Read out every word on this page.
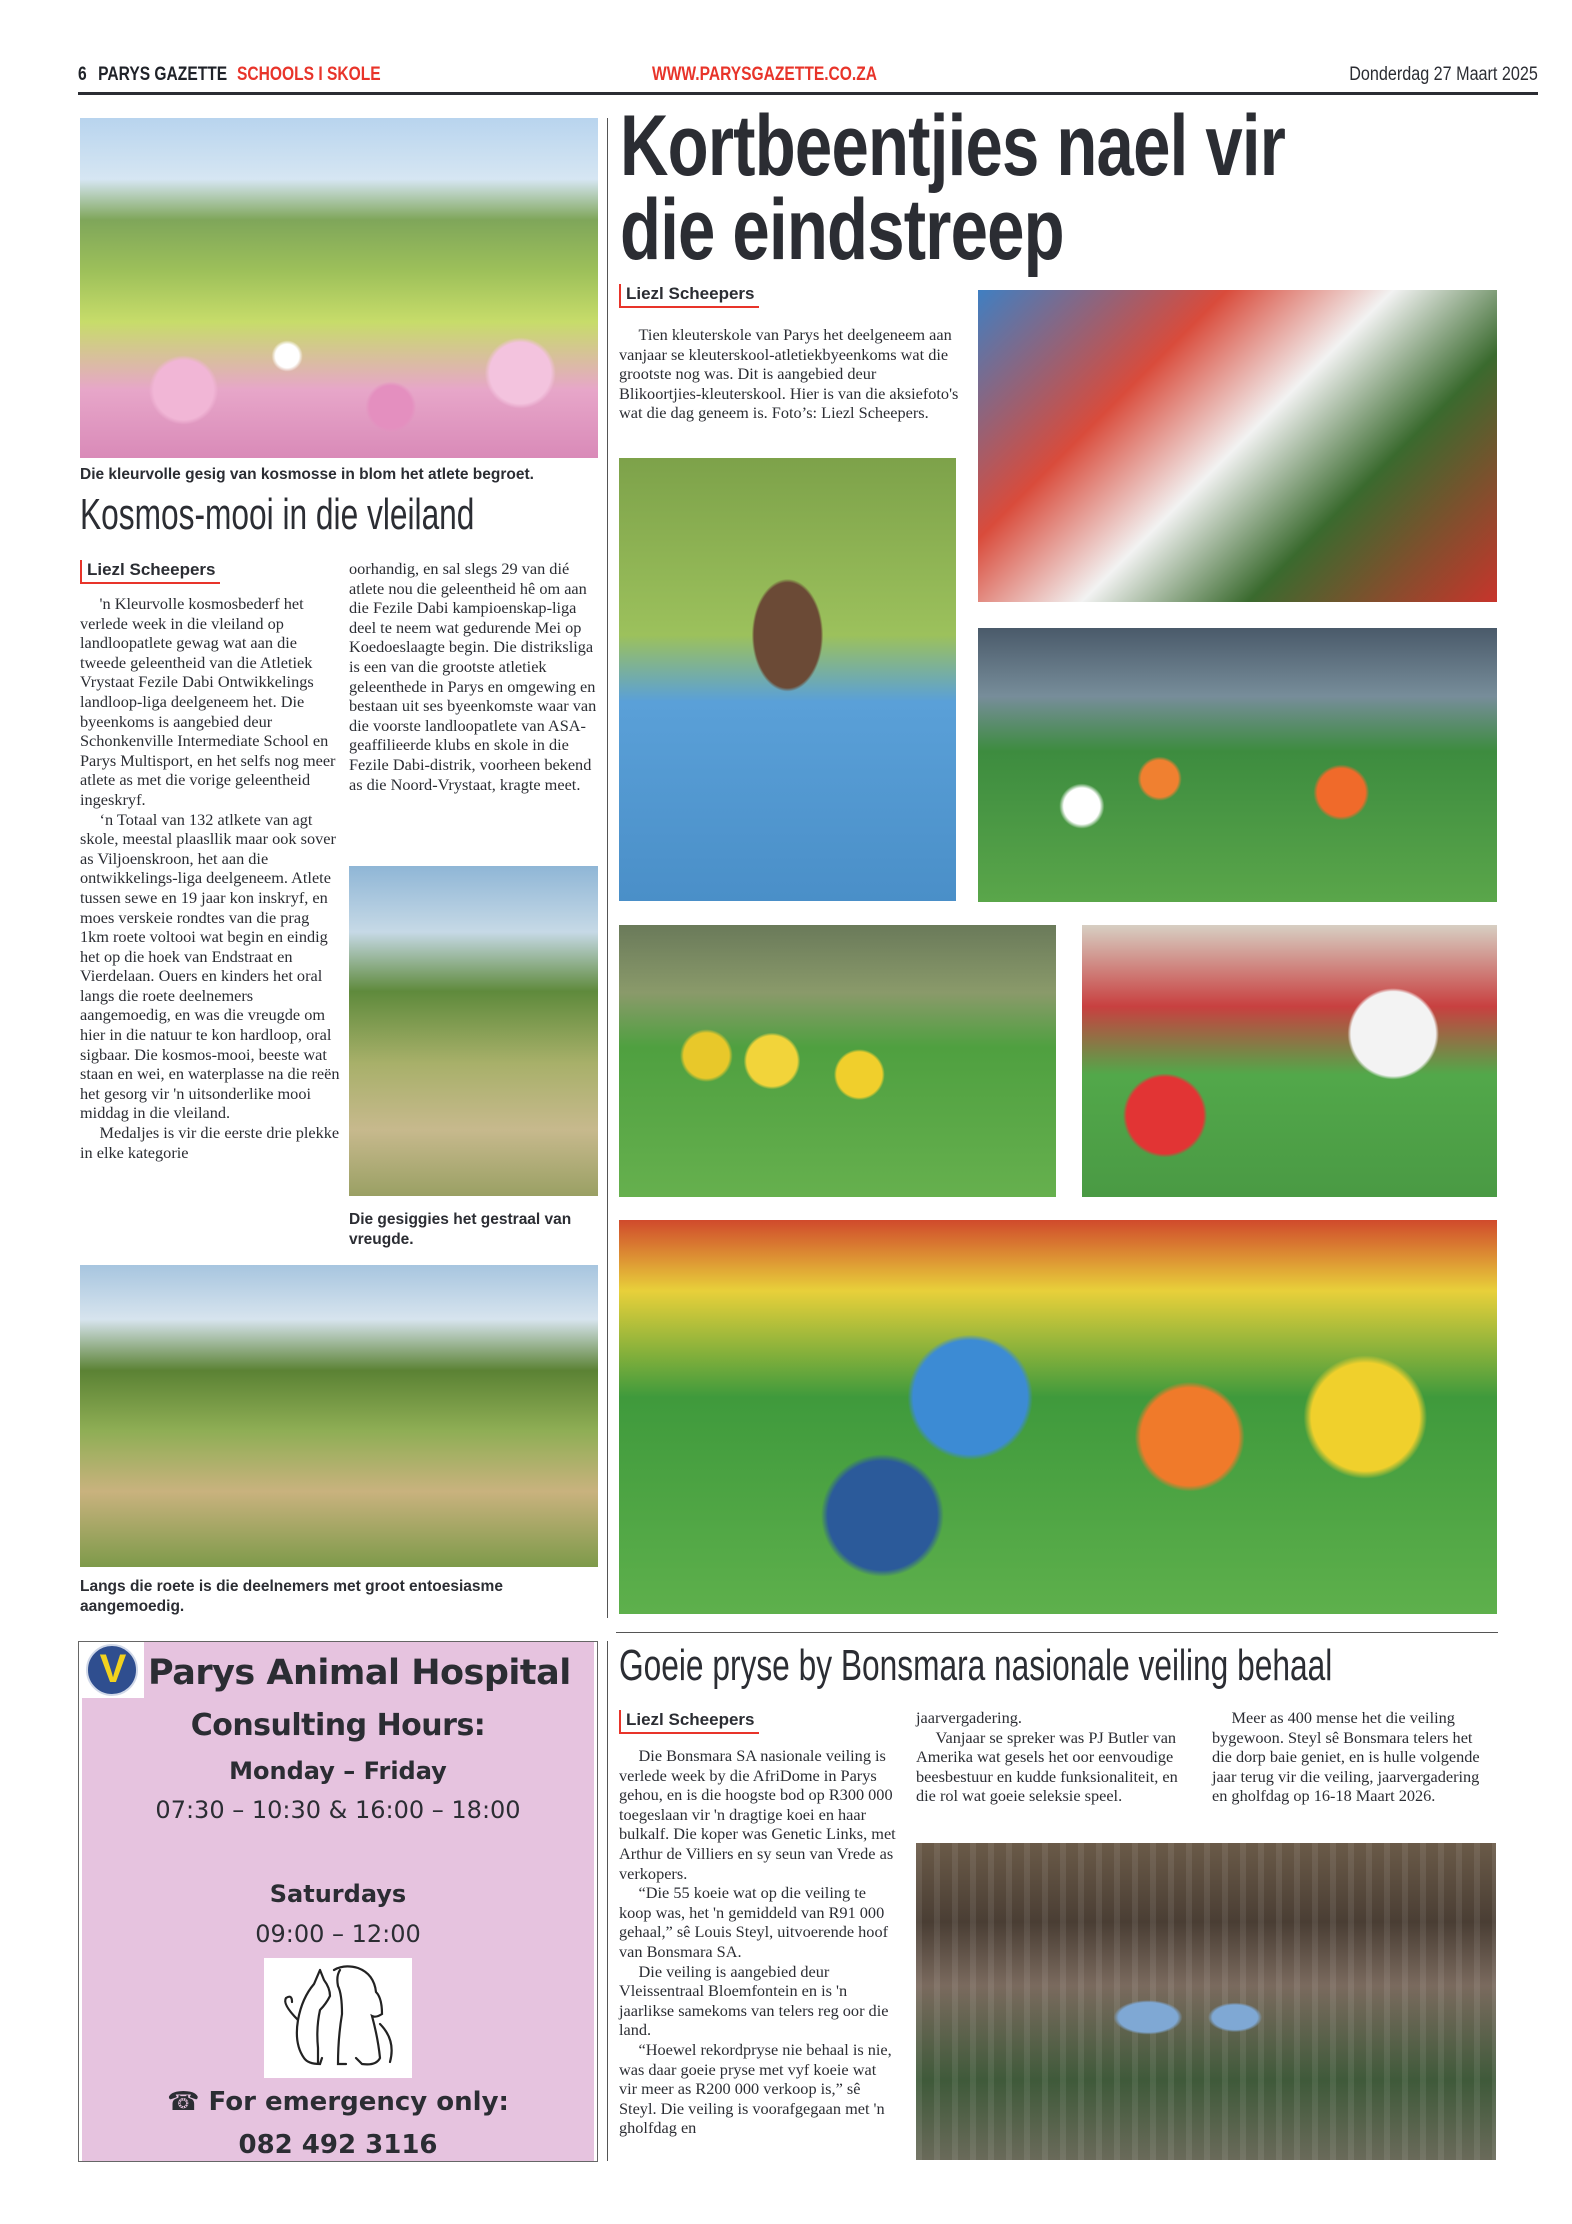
6 PARYS GAZETTE SCHOOLS I SKOLE	WWW.PARYSGAZETTE.CO.ZA	Donderdag 27 Maart 2025
Die kleurvolle gesig van kosmosse in blom het atlete begroet.
Kosmos-mooi in die vleiland
Liezl Scheepers

'n Kleurvolle kosmosbederf het verlede week in die vleiland op landloopatlete gewag wat aan die tweede geleentheid van die Atletiek Vrystaat Fezile Dabi Ontwikkelings landloop-liga deelgeneem het. Die byeenkoms is aangebied deur Schonkenville Intermediate School en Parys Multisport, en het selfs nog meer atlete as met die vorige geleentheid ingeskryf.

‘n Totaal van 132 atlkete van agt skole, meestal plaasllik maar ook sover as Viljoenskroon, het aan die ontwikkelings-liga deelgeneem. Atlete tussen sewe en 19 jaar kon inskryf, en moes verskeie rondtes van die prag 1km roete voltooi wat begin en eindig het op die hoek van Endstraat en Vierdelaan. Ouers en kinders het oral langs die roete deelnemers aangemoedig, en was die vreugde om hier in die natuur te kon hardloop, oral sigbaar. Die kosmos-mooi, beeste wat staan en wei, en waterplasse na die reën het gesorg vir 'n uitsonderlike mooi middag in die vleiland.

Medaljes is vir die eerste drie plekke in elke kategorie

oorhandig, en sal slegs 29 van dié atlete nou die geleentheid hê om aan die Fezile Dabi kampioenskap-liga deel te neem wat gedurende Mei op Koedoeslaagte begin. Die distriksliga is een van die grootste atletiek geleenthede in Parys en omgewing en bestaan uit ses byeenkomste waar van die voorste landloopatlete van ASA-geaffilieerde klubs en skole in die Fezile Dabi-distrik, voorheen bekend as die Noord-Vrystaat, kragte meet.

Die gesiggies het gestraal van vreugde.
Langs die roete is die deelnemers met groot entoesiasme aangemoedig.
Kortbeentjies nael vir
die eindstreep
Liezl Scheepers

Tien kleuterskole van Parys het deelgeneem aan vanjaar se kleuterskool-atletiekbyeenkoms wat die grootste nog was. Dit is aangebied deur Blikoortjies-kleuterskool. Hier is van die aksiefoto's wat die dag geneem is. Foto’s: Liezl Scheepers.

V Parys Animal Hospital
Consulting Hours:
Monday – Friday
07:30 – 10:30 & 16:00 – 18:00
Saturdays
09:00 – 12:00
☎ For emergency only:
082 492 3116
Goeie pryse by Bonsmara nasionale veiling behaal
Liezl Scheepers

Die Bonsmara SA nasionale veiling is verlede week by die AfriDome in Parys gehou, en is die hoogste bod op R300 000 toegeslaan vir 'n dragtige koei en haar bulkalf. Die koper was Genetic Links, met Arthur de Villiers en sy seun van Vrede as verkopers.

“Die 55 koeie wat op die veiling te koop was, het 'n gemiddeld van R91 000 gehaal,” sê Louis Steyl, uitvoerende hoof van Bonsmara SA.

Die veiling is aangebied deur Vleissentraal Bloemfontein en is 'n jaarlikse samekoms van telers reg oor die land.

“Hoewel rekordpryse nie behaal is nie, was daar goeie pryse met vyf koeie wat vir meer as R200 000 verkoop is,” sê Steyl. Die veiling is voorafgegaan met 'n gholfdag en

jaarvergadering.

Vanjaar se spreker was PJ Butler van Amerika wat gesels het oor eenvoudige beesbestuur en kudde funksionaliteit, en die rol wat goeie seleksie speel.

Meer as 400 mense het die veiling bygewoon. Steyl sê Bonsmara telers het die dorp baie geniet, en is hulle volgende jaar terug vir die veiling, jaarvergadering en gholfdag op 16-18 Maart 2026.
